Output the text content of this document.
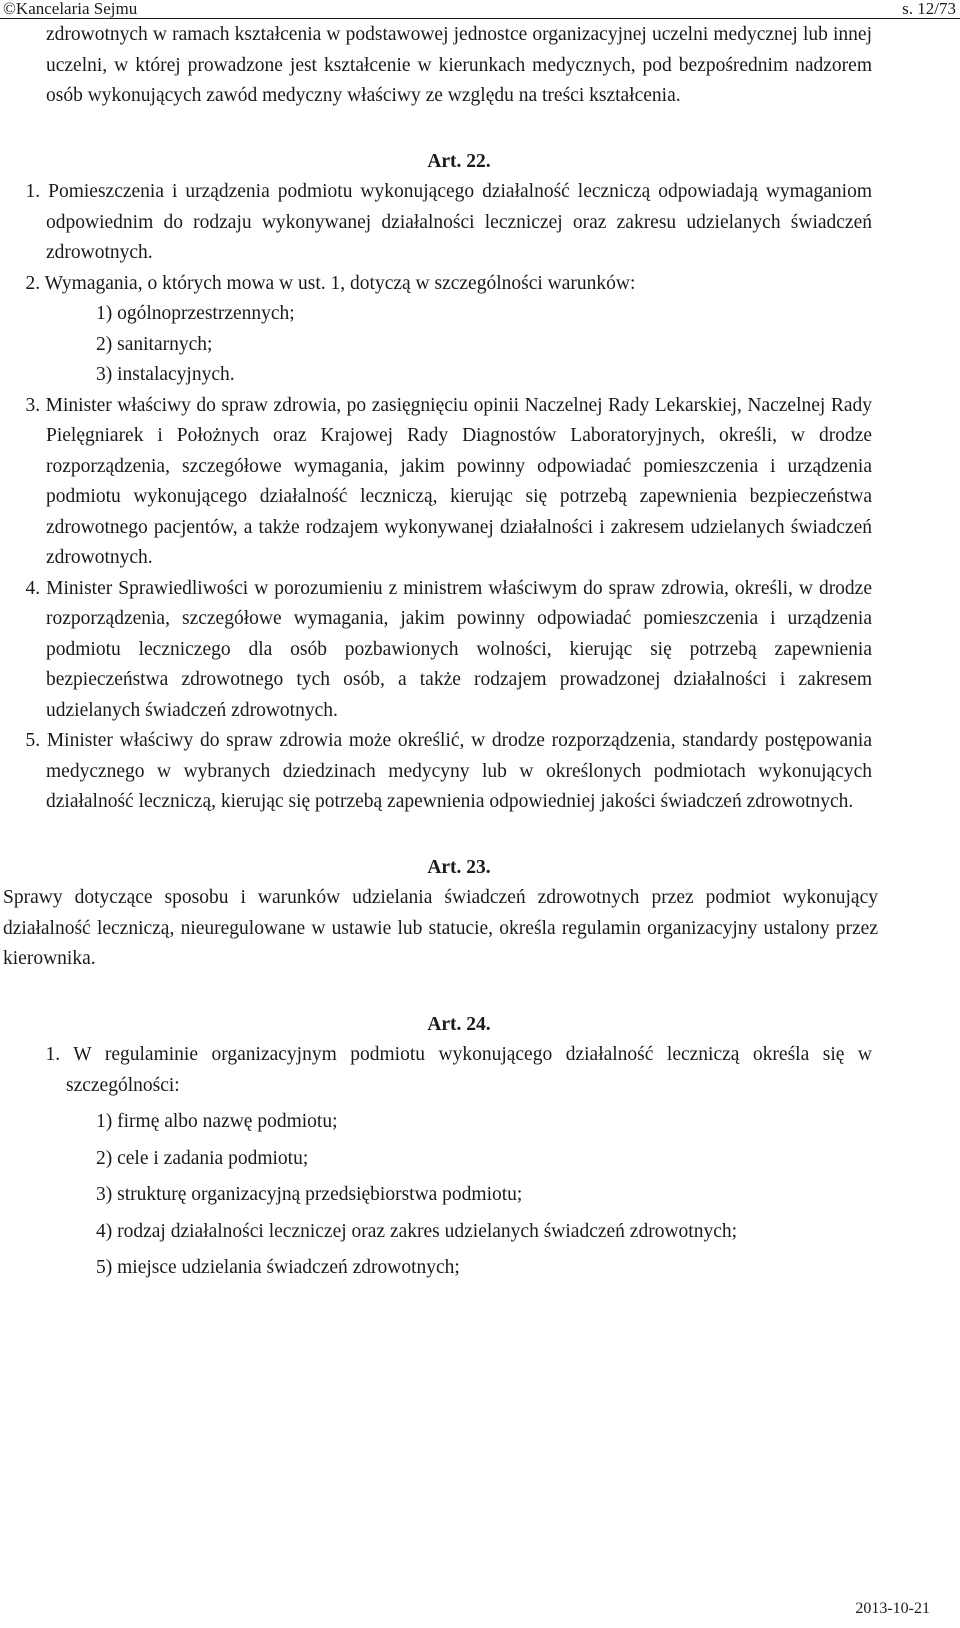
©Kancelaria Sejmu	s. 12/73

zdrowotnych w ramach kształcenia w podstawowej jednostce organizacyjnej uczelni medycznej lub innej uczelni, w której prowadzone jest kształcenie w kierunkach medycznych, pod bezpośrednim nadzorem osób wykonujących zawód medyczny właściwy ze względu na treści kształcenia.

Art. 22.

1. Pomieszczenia i urządzenia podmiotu wykonującego działalność leczniczą odpowiadają wymaganiom odpowiednim do rodzaju wykonywanej działalności leczniczej oraz zakresu udzielanych świadczeń zdrowotnych.

2. Wymagania, o których mowa w ust. 1, dotyczą w szczególności warunków:

1) ogólnoprzestrzennych;

2) sanitarnych;

3) instalacyjnych.

3. Minister właściwy do spraw zdrowia, po zasięgnięciu opinii Naczelnej Rady Lekarskiej, Naczelnej Rady Pielęgniarek i Położnych oraz Krajowej Rady Diagnostów Laboratoryjnych, określi, w drodze rozporządzenia, szczegółowe wymagania, jakim powinny odpowiadać pomieszczenia i urządzenia podmiotu wykonującego działalność leczniczą, kierując się potrzebą zapewnienia bezpieczeństwa zdrowotnego pacjentów, a także rodzajem wykonywanej działalności i zakresem udzielanych świadczeń zdrowotnych.

4. Minister Sprawiedliwości w porozumieniu z ministrem właściwym do spraw zdrowia, określi, w drodze rozporządzenia, szczegółowe wymagania, jakim powinny odpowiadać pomieszczenia i urządzenia podmiotu leczniczego dla osób pozbawionych wolności, kierując się potrzebą zapewnienia bezpieczeństwa zdrowotnego tych osób, a także rodzajem prowadzonej działalności i zakresem udzielanych świadczeń zdrowotnych.

5. Minister właściwy do spraw zdrowia może określić, w drodze rozporządzenia, standardy postępowania medycznego w wybranych dziedzinach medycyny lub w określonych podmiotach wykonujących działalność leczniczą, kierując się potrzebą zapewnienia odpowiedniej jakości świadczeń zdrowotnych.

Art. 23.

Sprawy dotyczące sposobu i warunków udzielania świadczeń zdrowotnych przez podmiot wykonujący działalność leczniczą, nieuregulowane w ustawie lub statucie, określa regulamin organizacyjny ustalony przez kierownika.

Art. 24.

1. W regulaminie organizacyjnym podmiotu wykonującego działalność leczniczą określa się w szczególności:

1) firmę albo nazwę podmiotu;

2) cele i zadania podmiotu;

3) strukturę organizacyjną przedsiębiorstwa podmiotu;

4) rodzaj działalności leczniczej oraz zakres udzielanych świadczeń zdrowotnych;

5) miejsce udzielania świadczeń zdrowotnych;

2013-10-21
